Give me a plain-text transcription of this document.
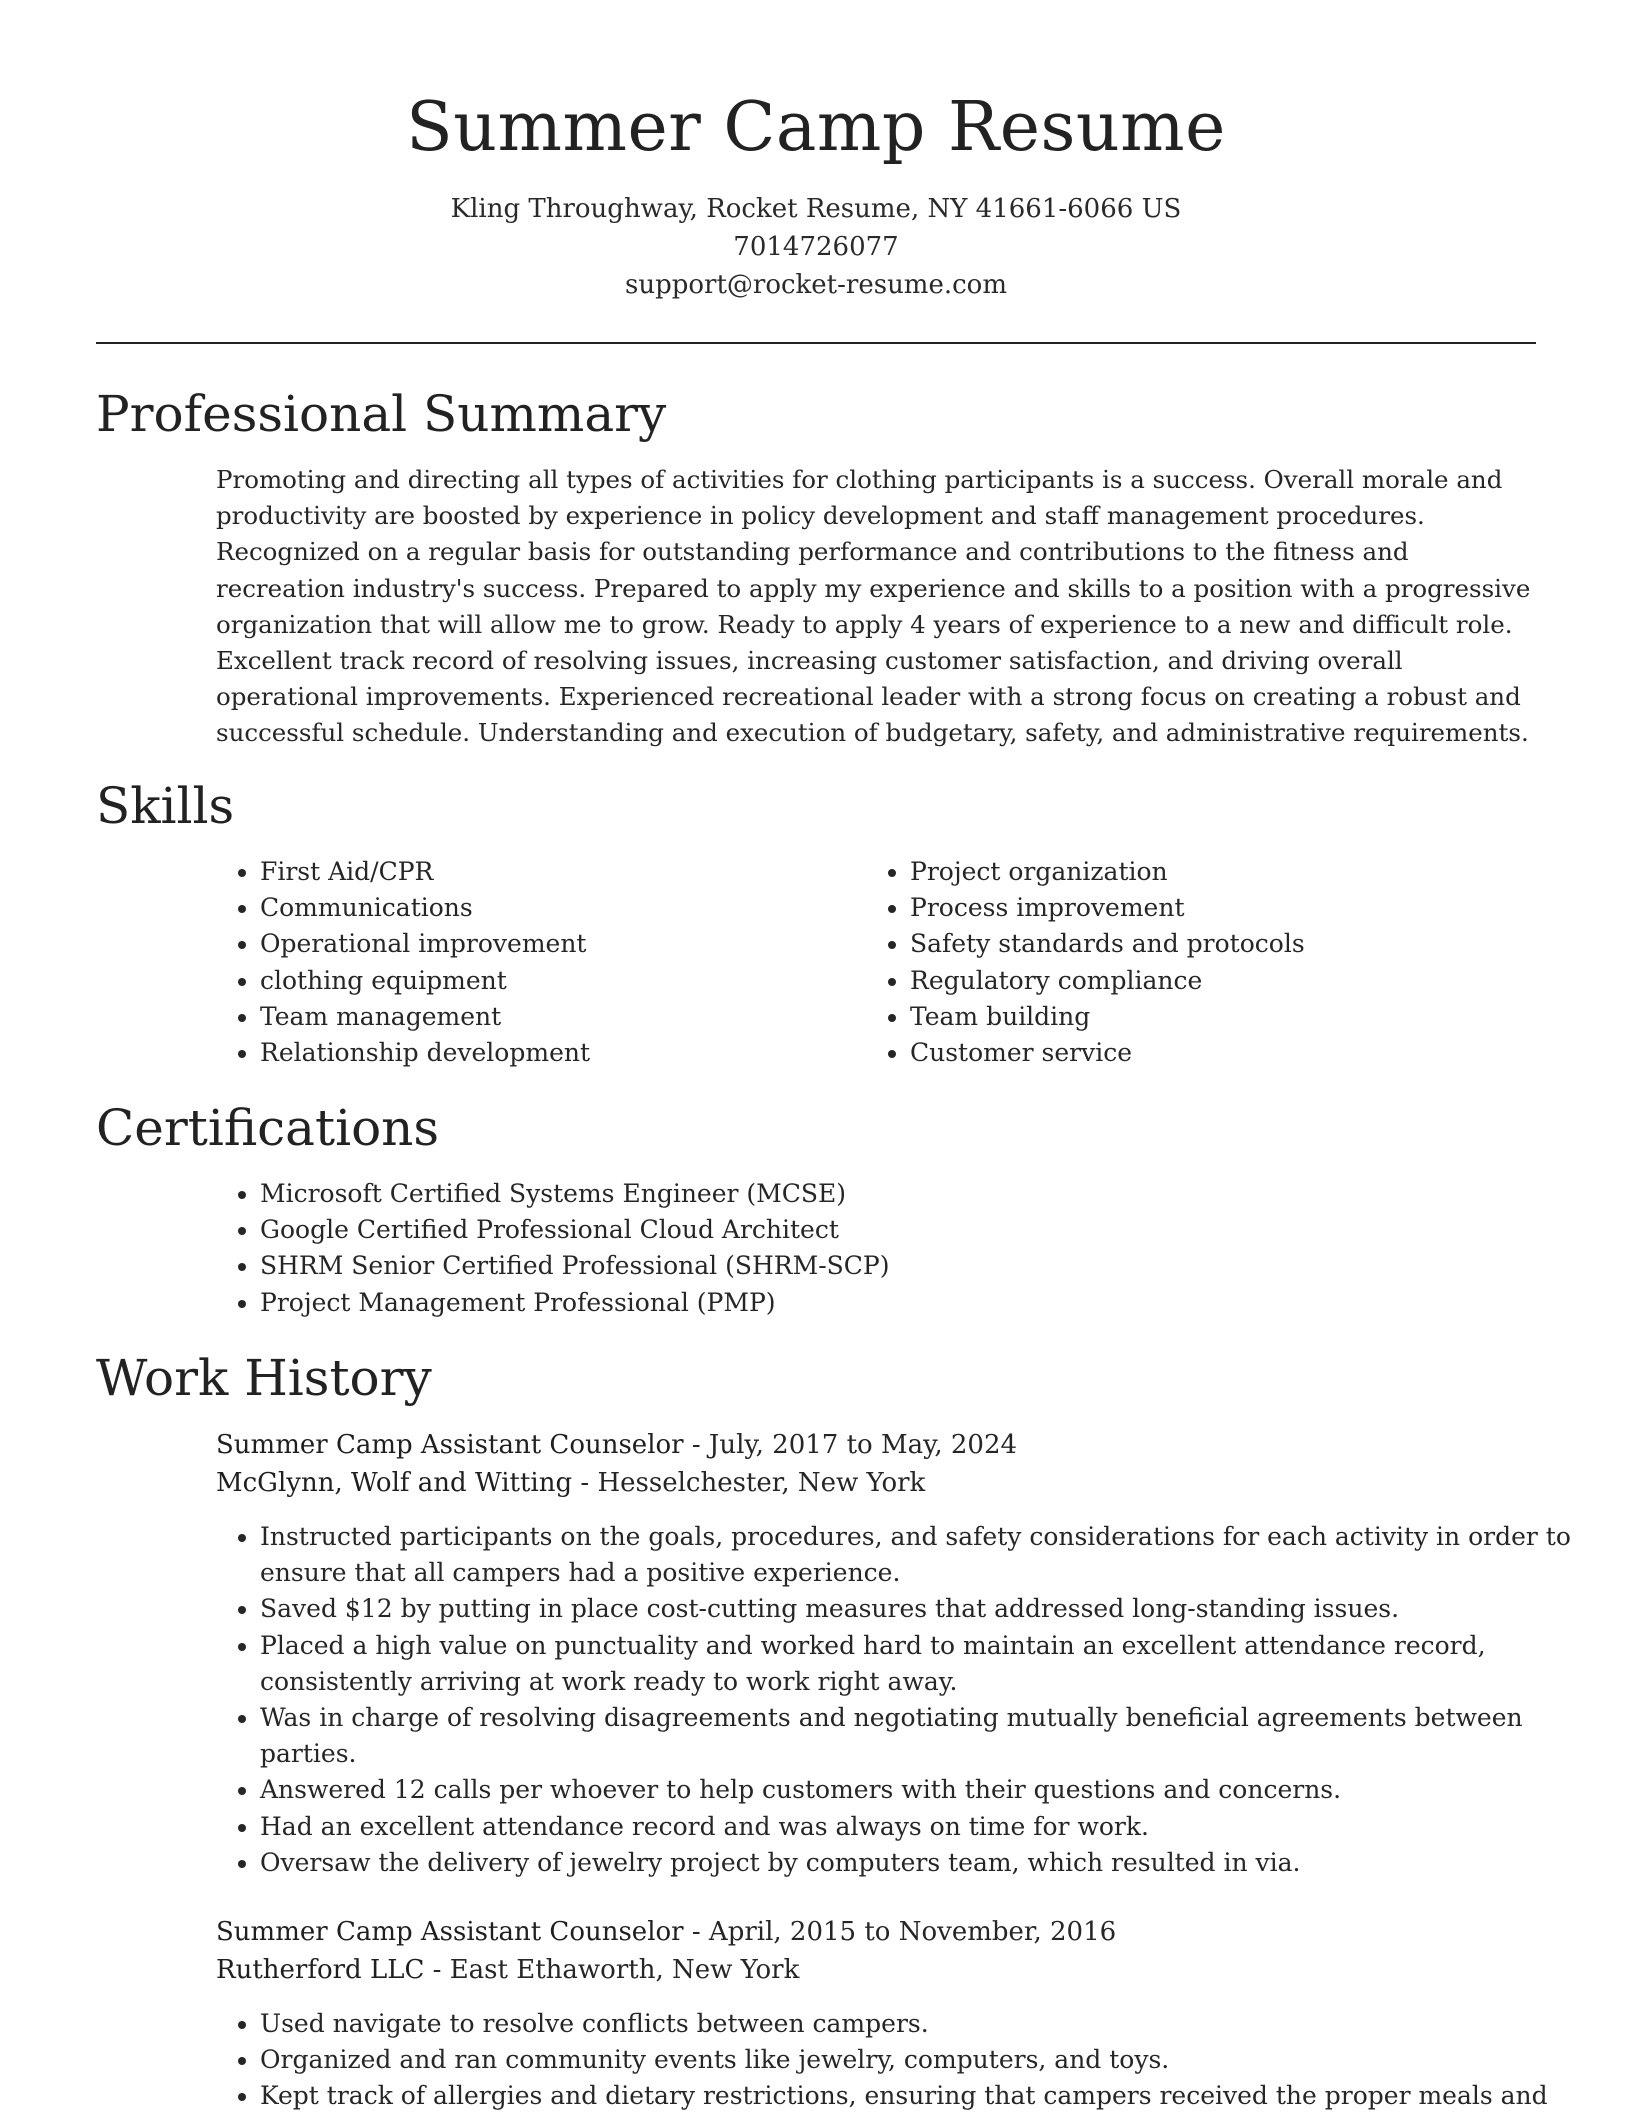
Summer Camp Resume
Kling Throughway, Rocket Resume, NY 41661-6066 US
7014726077
support@rocket-resume.com
Professional Summary

Promoting and directing all types of activities for clothing participants is a success. Overall morale and productivity are boosted by experience in policy development and staff management procedures. Recognized on a regular basis for outstanding performance and contributions to the fitness and recreation industry's success. Prepared to apply my experience and skills to a position with a progressive organization that will allow me to grow. Ready to apply 4 years of experience to a new and difficult role. Excellent track record of resolving issues, increasing customer satisfaction, and driving overall operational improvements. Experienced recreational leader with a strong focus on creating a robust and successful schedule. Understanding and execution of budgetary, safety, and administrative requirements.

Skills
• First Aid/CPR
• Communications
• Operational improvement
• clothing equipment
• Team management
• Relationship development
• Project organization
• Process improvement
• Safety standards and protocols
• Regulatory compliance
• Team building
• Customer service
Certifications
• Microsoft Certified Systems Engineer (MCSE)
• Google Certified Professional Cloud Architect
• SHRM Senior Certified Professional (SHRM-SCP)
• Project Management Professional (PMP)
Work History
Summer Camp Assistant Counselor - July, 2017 to May, 2024
McGlynn, Wolf and Witting - Hesselchester, New York
• Instructed participants on the goals, procedures, and safety considerations for each activity in order to ensure that all campers had a positive experience.
• Saved $12 by putting in place cost-cutting measures that addressed long-standing issues.
• Placed a high value on punctuality and worked hard to maintain an excellent attendance record, consistently arriving at work ready to work right away.
• Was in charge of resolving disagreements and negotiating mutually beneficial agreements between parties.
• Answered 12 calls per whoever to help customers with their questions and concerns.
• Had an excellent attendance record and was always on time for work.
• Oversaw the delivery of jewelry project by computers team, which resulted in via.
Summer Camp Assistant Counselor - April, 2015 to November, 2016
Rutherford LLC - East Ethaworth, New York
• Used navigate to resolve conflicts between campers.
• Organized and ran community events like jewelry, computers, and toys.
• Kept track of allergies and dietary restrictions, ensuring that campers received the proper meals and
